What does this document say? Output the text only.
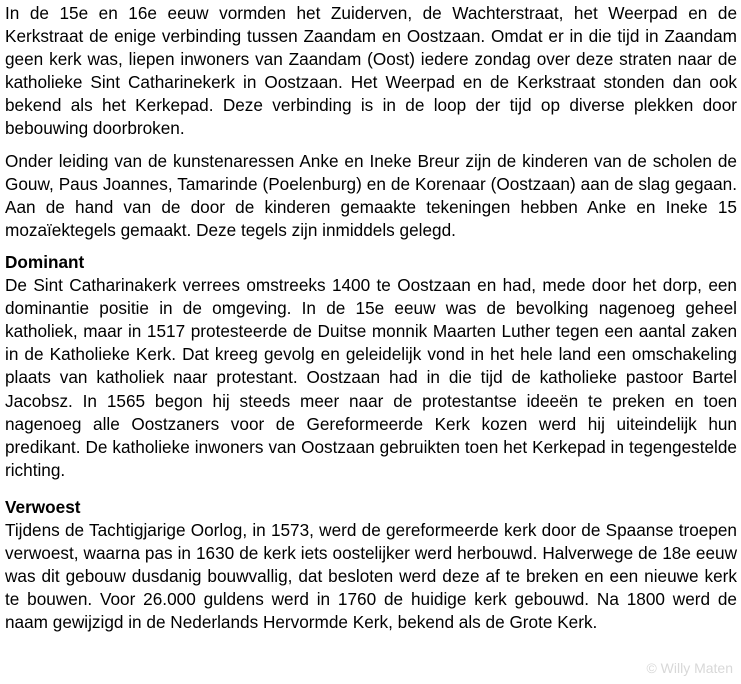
In de 15e en 16e eeuw vormden het Zuiderven, de Wachterstraat, het Weerpad en de Kerkstraat de enige verbinding tussen Zaandam en Oostzaan. Omdat er in die tijd in Zaandam geen kerk was, liepen inwoners van Zaandam (Oost) iedere zondag over deze straten naar de katholieke Sint Catharinekerk in Oostzaan. Het Weerpad en de Kerkstraat stonden dan ook bekend als het Kerkepad. Deze verbinding is in de loop der tijd op diverse plekken door bebouwing doorbroken.

Onder leiding van de kunstenaressen Anke en Ineke Breur zijn de kinderen van de scholen de Gouw, Paus Joannes, Tamarinde (Poelenburg) en de Korenaar (Oostzaan) aan de slag gegaan. Aan de hand van de door de kinderen gemaakte tekeningen hebben Anke en Ineke 15 mozaïektegels gemaakt. Deze tegels zijn inmiddels gelegd.

Dominant

De Sint Catharinakerk verrees omstreeks 1400 te Oostzaan en had, mede door het dorp, een dominantie positie in de omgeving. In de 15e eeuw was de bevolking nagenoeg geheel katholiek, maar in 1517 protesteerde de Duitse monnik Maarten Luther tegen een aantal zaken in de Katholieke Kerk. Dat kreeg gevolg en geleidelijk vond in het hele land een omschakeling plaats van katholiek naar protestant. Oostzaan had in die tijd de katholieke pastoor Bartel Jacobsz. In 1565 begon hij steeds meer naar de protestantse ideeën te preken en toen nagenoeg alle Oostzaners voor de Gereformeerde Kerk kozen werd hij uiteindelijk hun predikant. De katholieke inwoners van Oostzaan gebruikten toen het Kerkepad in tegengestelde richting.

Verwoest

Tijdens de Tachtigjarige Oorlog, in 1573, werd de gereformeerde kerk door de Spaanse troepen verwoest, waarna pas in 1630 de kerk iets oostelijker werd herbouwd. Halverwege de 18e eeuw was dit gebouw dusdanig bouwvallig, dat besloten werd deze af te breken en een nieuwe kerk te bouwen. Voor 26.000 guldens werd in 1760 de huidige kerk gebouwd. Na 1800 werd de naam gewijzigd in de Nederlands Hervormde Kerk, bekend als de Grote Kerk.

© Willy Maten
